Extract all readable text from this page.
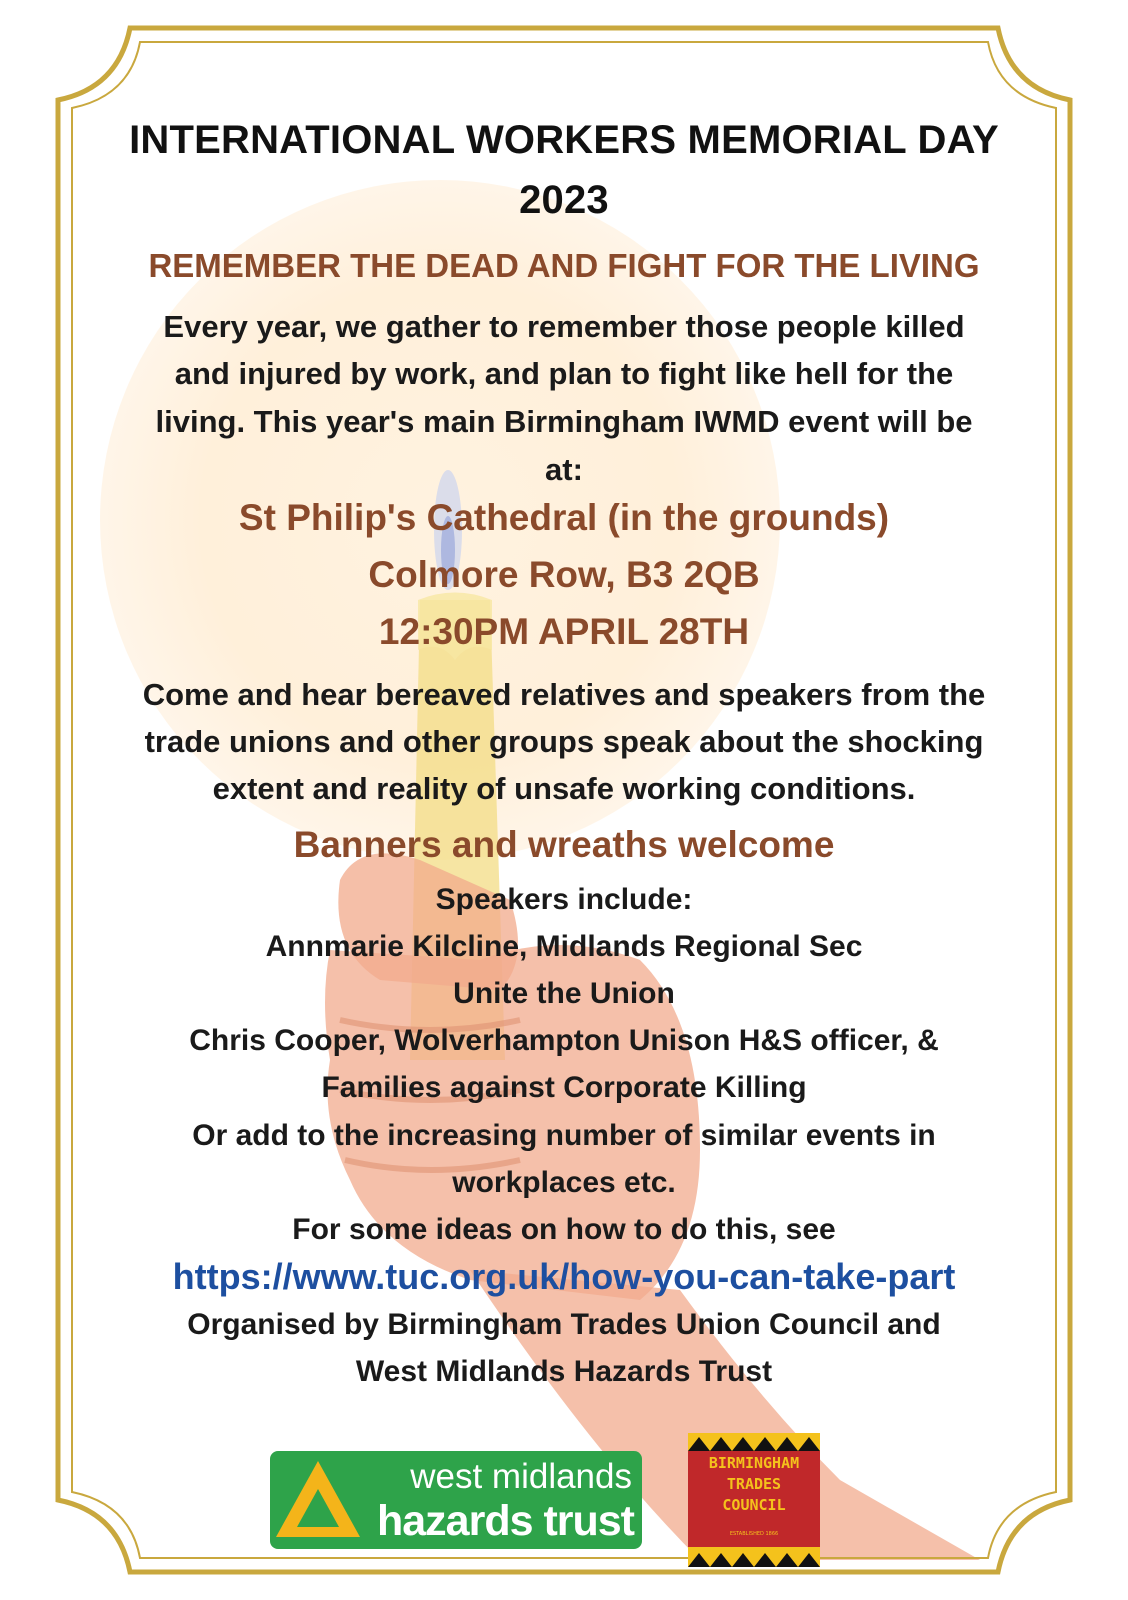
INTERNATIONAL WORKERS MEMORIAL DAY
2023
REMEMBER THE DEAD AND FIGHT FOR THE LIVING
Every year, we gather to remember those people killed
and injured by work, and plan to fight like hell for the
living. This year's main Birmingham IWMD event will be
at:
St Philip's Cathedral (in the grounds)
Colmore Row, B3 2QB
12:30PM APRIL 28TH
Come and hear bereaved relatives and speakers from the
trade unions and other groups speak about the shocking
extent and reality of unsafe working conditions.
Banners and wreaths welcome
Speakers include:
Annmarie Kilcline, Midlands Regional Sec
Unite the Union
Chris Cooper, Wolverhampton Unison H&S officer, &
Families against Corporate Killing
Or add to the increasing number of similar events in
workplaces etc.
For some ideas on how to do this, see
https://www.tuc.org.uk/how-you-can-take-part
Organised by Birmingham Trades Union Council and
West Midlands Hazards Trust
west midlands
hazards trust
BIRMINGHAM
TRADES
COUNCIL
ESTABLISHED 1866
